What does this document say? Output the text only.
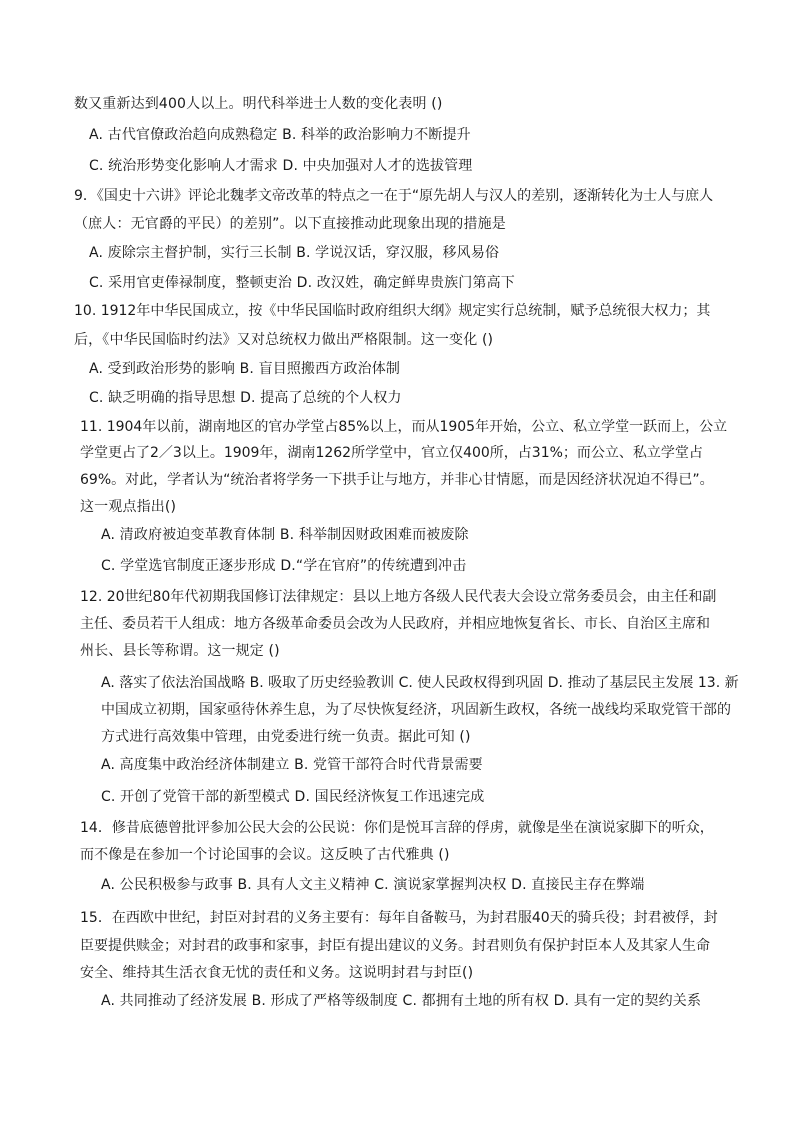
数又重新达到400人以上。明代科举进士人数的变化表明 ()
A. 古代官僚政治趋向成熟稳定 B. 科举的政治影响力不断提升
C. 统治形势变化影响人才需求 D. 中央加强对人才的选拔管理
9．《国史十六讲》评论北魏孝文帝改革的特点之一在于“原先胡人与汉人的差别，逐渐转化为士人与庶人
（庶人：无官爵的平民）的差别”。以下直接推动此现象出现的措施是
A. 废除宗主督护制，实行三长制 B. 学说汉话，穿汉服，移风易俗
C. 采用官吏俸禄制度，整顿吏治 D. 改汉姓，确定鲜卑贵族门第高下
10. 1912年中华民国成立，按《中华民国临时政府组织大纲》规定实行总统制，赋予总统很大权力；其
后，《中华民国临时约法》又对总统权力做出严格限制。这一变化 ()
A. 受到政治形势的影响 B. 盲目照搬西方政治体制
C. 缺乏明确的指导思想 D. 提高了总统的个人权力
11. 1904年以前，湖南地区的官办学堂占85%以上，而从1905年开始，公立、私立学堂一跃而上，公立
学堂更占了2／3以上。1909年，湖南1262所学堂中，官立仅400所，占31%；而公立、私立学堂占
69%。对此，学者认为“统治者将学务一下拱手让与地方，并非心甘情愿，而是因经济状况迫不得已”。
这一观点指出()
A. 清政府被迫变革教育体制 B. 科举制因财政困难而被废除
C. 学堂选官制度正逐步形成 D.“学在官府”的传统遭到冲击
12. 20世纪80年代初期我国修订法律规定：县以上地方各级人民代表大会设立常务委员会，由主任和副
主任、委员若干人组成：地方各级革命委员会改为人民政府，并相应地恢复省长、市长、自治区主席和
州长、县长等称谓。这一规定 ()
A. 落实了依法治国战略 B. 吸取了历史经验教训 C. 使人民政权得到巩固 D. 推动了基层民主发展 13. 新
中国成立初期，国家亟待休养生息，为了尽快恢复经济，巩固新生政权，各统一战线均采取党管干部的
方式进行高效集中管理，由党委进行统一负责。据此可知 ()
A. 高度集中政治经济体制建立 B. 党管干部符合时代背景需要
C. 开创了党管干部的新型模式 D. 国民经济恢复工作迅速完成
14．修昔底德曾批评参加公民大会的公民说：你们是悦耳言辞的俘虏，就像是坐在演说家脚下的听众，
而不像是在参加一个讨论国事的会议。这反映了古代雅典 ()
A. 公民积极参与政事 B. 具有人文主义精神 C. 演说家掌握判决权 D. 直接民主存在弊端
15．在西欧中世纪，封臣对封君的义务主要有：每年自备鞍马，为封君服40天的骑兵役；封君被俘，封
臣要提供赎金；对封君的政事和家事，封臣有提出建议的义务。封君则负有保护封臣本人及其家人生命
安全、维持其生活衣食无忧的责任和义务。这说明封君与封臣()
A. 共同推动了经济发展 B. 形成了严格等级制度 C. 都拥有土地的所有权 D. 具有一定的契约关系
